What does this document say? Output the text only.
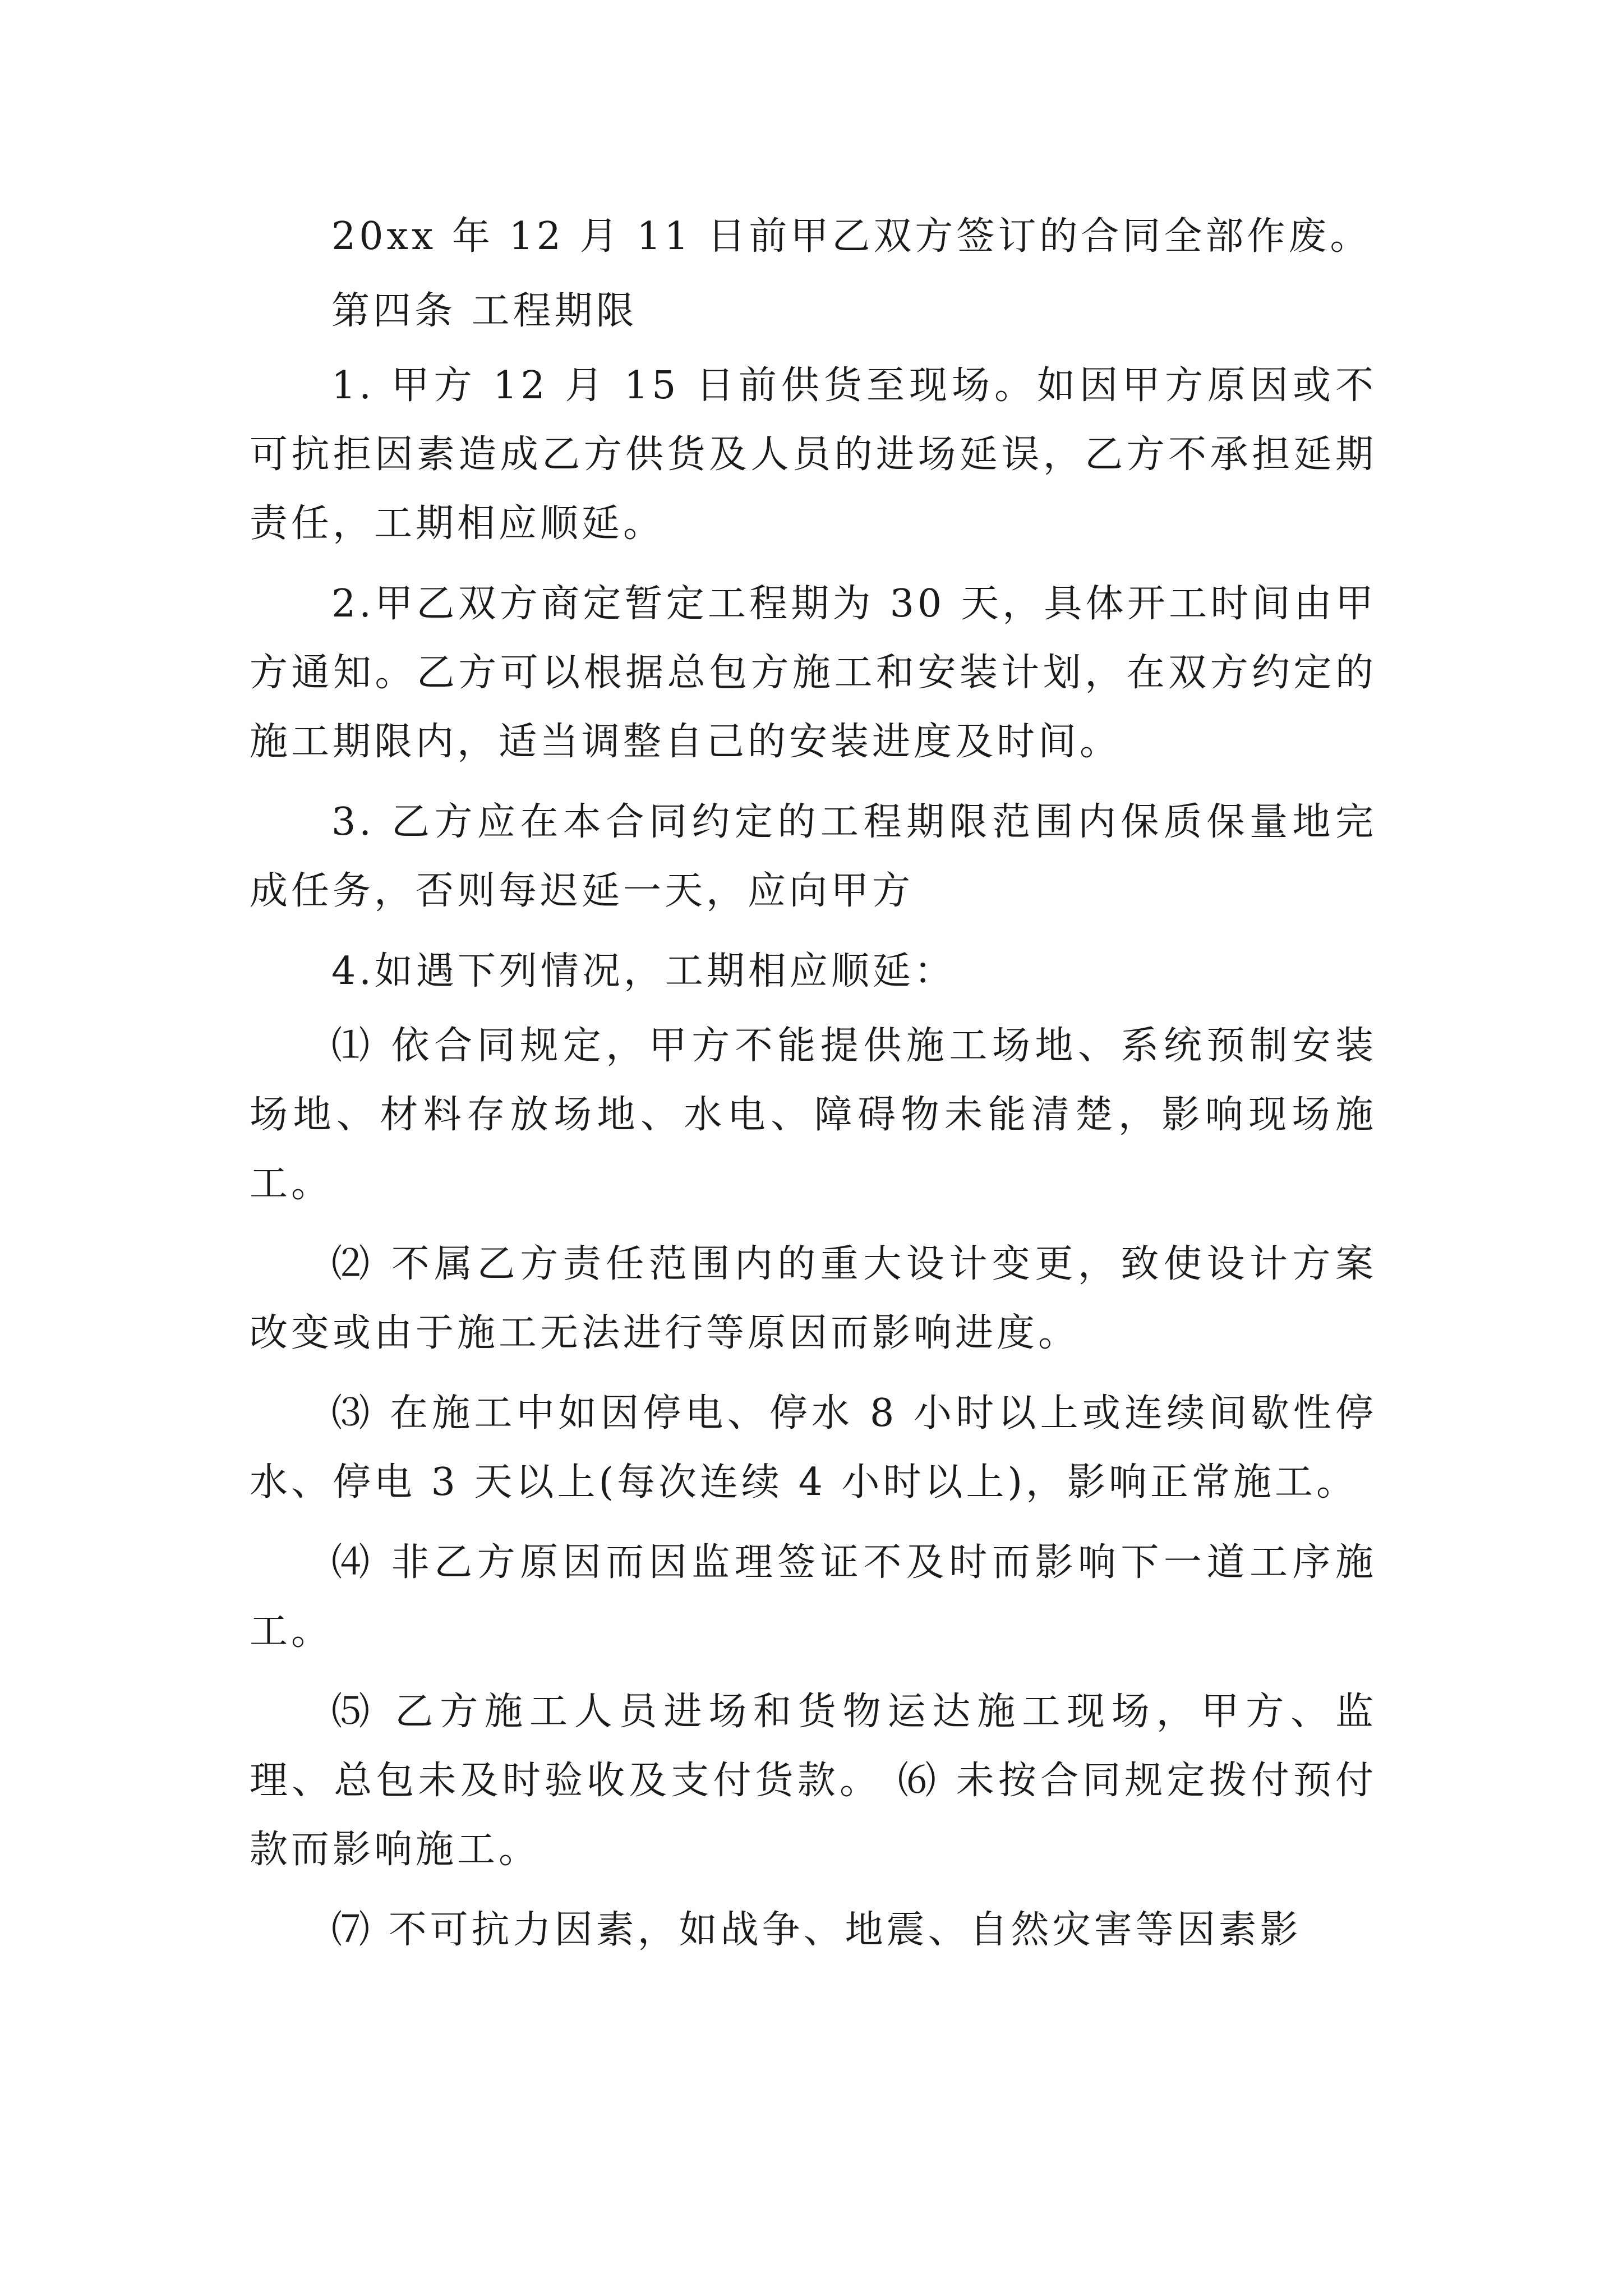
20xx 年 12 月 11 日前甲乙双方签订的合同全部作废。

第四条 工程期限

1. 甲方 12 月 15 日前供货至现场。如因甲方原因或不可抗拒因素造成乙方供货及人员的进场延误，乙方不承担延期责任，工期相应顺延。

2.甲乙双方商定暂定工程期为 30 天，具体开工时间由甲方通知。乙方可以根据总包方施工和安装计划，在双方约定的施工期限内，适当调整自己的安装进度及时间。

3. 乙方应在本合同约定的工程期限范围内保质保量地完成任务，否则每迟延一天，应向甲方

4.如遇下列情况，工期相应顺延：

⑴ 依合同规定，甲方不能提供施工场地、系统预制安装场地、材料存放场地、水电、障碍物未能清楚，影响现场施工。

⑵ 不属乙方责任范围内的重大设计变更，致使设计方案改变或由于施工无法进行等原因而影响进度。

⑶ 在施工中如因停电、停水 8 小时以上或连续间歇性停水、停电 3 天以上(每次连续 4 小时以上)，影响正常施工。

⑷ 非乙方原因而因监理签证不及时而影响下一道工序施工。

⑸ 乙方施工人员进场和货物运达施工现场，甲方、监理、总包未及时验收及支付货款。 ⑹ 未按合同规定拨付预付款而影响施工。

⑺ 不可抗力因素，如战争、地震、自然灾害等因素影
